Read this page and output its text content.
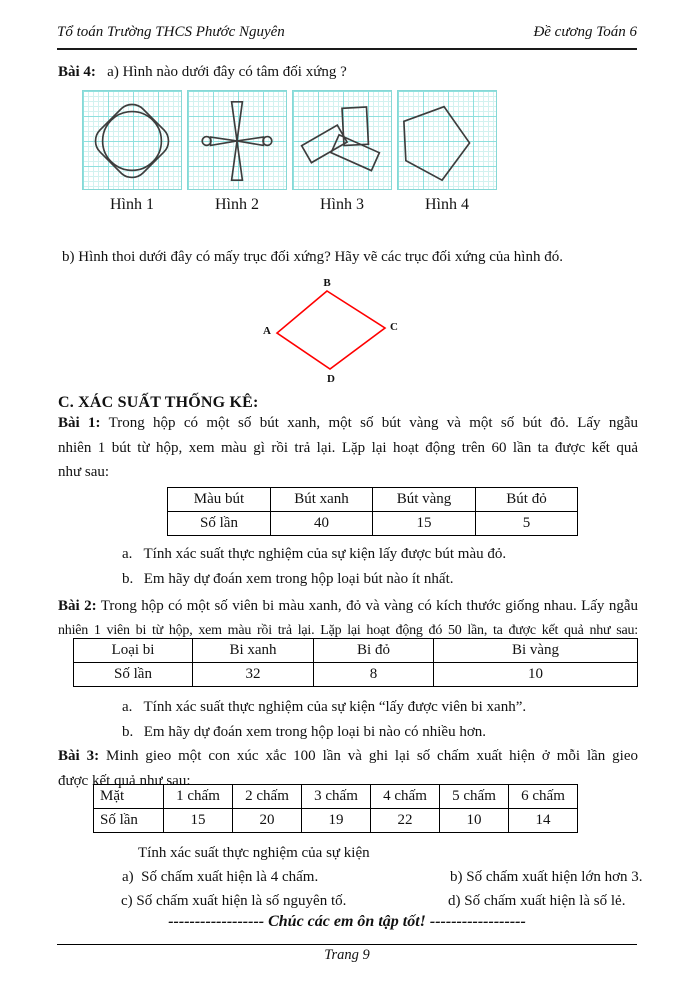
Tổ toán Trường THCS Phước Nguyên	Đề cương Toán 6
Bài 4: a) Hình nào dưới đây có tâm đối xứng ?
Hình 1	Hình 2	Hình 3	Hình 4
b) Hình thoi dưới đây có mấy trục đối xứng? Hãy vẽ các trục đối xứng của hình đó.
B
A	C
D
C. XÁC SUẤT THỐNG KÊ:
Bài 1: Trong hộp có một số bút xanh, một số bút vàng và một số bút đỏ. Lấy ngẫu
nhiên 1 bút từ hộp, xem màu gì rồi trả lại. Lặp lại hoạt động trên 60 lần ta được kết quả
như sau:
Màu bút	Bút xanh	Bút vàng	Bút đỏ
Số lần	40	15	5
a. Tính xác suất thực nghiệm của sự kiện lấy được bút màu đỏ.
b. Em hãy dự đoán xem trong hộp loại bút nào ít nhất.
Bài 2: Trong hộp có một số viên bi màu xanh, đỏ và vàng có kích thước giống nhau. Lấy ngẫu
nhiên 1 viên bi từ hộp, xem màu rồi trả lại. Lặp lại hoạt động đó 50 lần, ta được kết quả như sau:
Loại bi	Bi xanh	Bi đỏ	Bi vàng
Số lần	32	8	10
a. Tính xác suất thực nghiệm của sự kiện “lấy được viên bi xanh”.
b. Em hãy dự đoán xem trong hộp loại bi nào có nhiều hơn.
Bài 3: Minh gieo một con xúc xắc 100 lần và ghi lại số chấm xuất hiện ở mỗi lần gieo
được kết quả như sau:
Mặt	1 chấm	2 chấm	3 chấm	4 chấm	5 chấm	6 chấm
Số lần	15	20	19	22	10	14
Tính xác suất thực nghiệm của sự kiện
a) Số chấm xuất hiện là 4 chấm.	b) Số chấm xuất hiện lớn hơn 3.
c) Số chấm xuất hiện là số nguyên tố.	d) Số chấm xuất hiện là số lẻ.
------------------ Chúc các em ôn tập tốt! ------------------
Trang 9
